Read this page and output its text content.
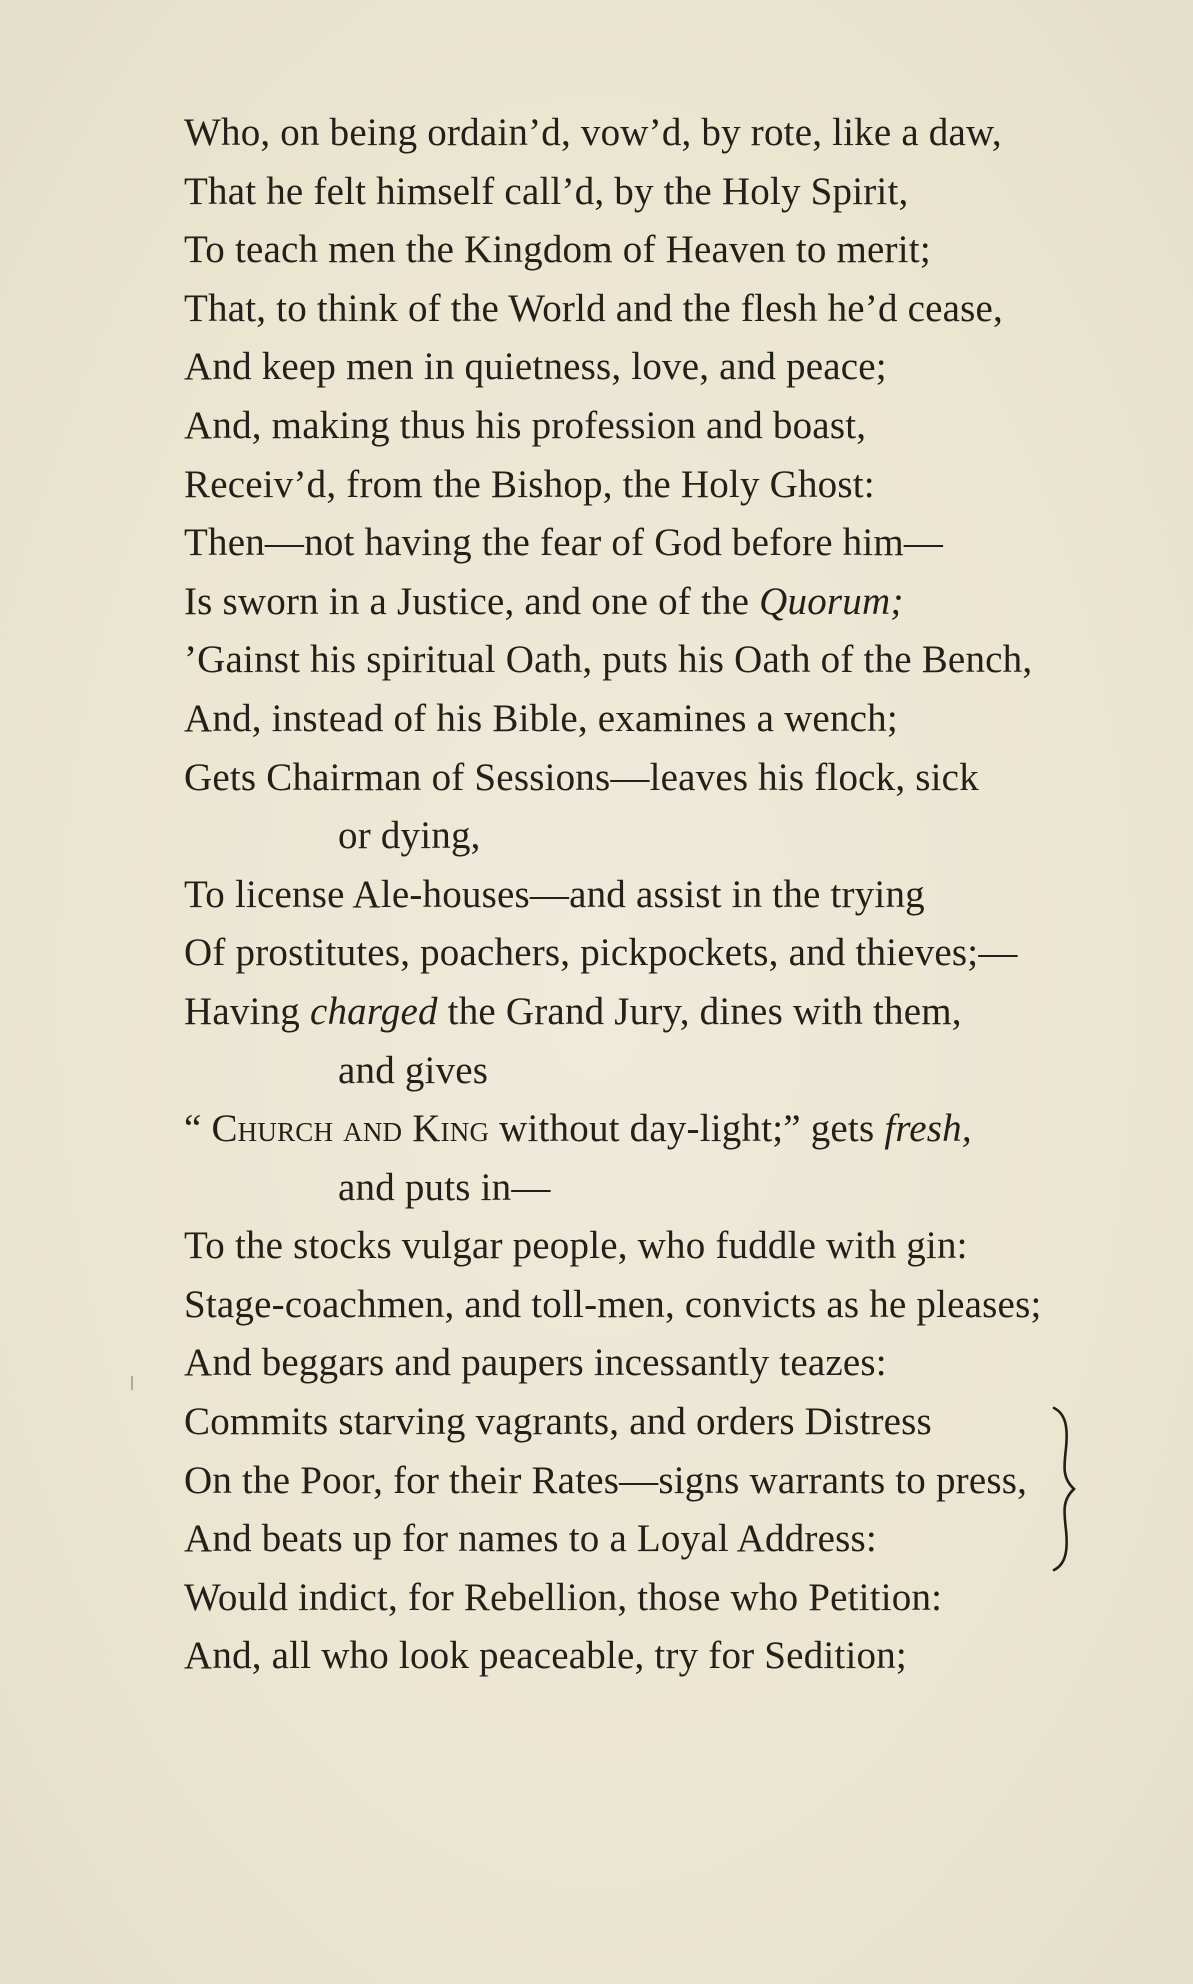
Who, on being ordain’d, vow’d, by rote, like a daw,
That he felt himself call’d, by the Holy Spirit,
To teach men the Kingdom of Heaven to merit;
That, to think of the World and the flesh he’d cease,
And keep men in quietness, love, and peace;
And, making thus his profession and boast,
Receiv’d, from the Bishop, the Holy Ghost:
Then—not having the fear of God before him—
Is sworn in a Justice, and one of the Quorum;
’Gainst his spiritual Oath, puts his Oath of the Bench,
And, instead of his Bible, examines a wench;
Gets Chairman of Sessions—leaves his flock, sick
or dying,
To license Ale-houses—and assist in the trying
Of prostitutes, poachers, pickpockets, and thieves;—
Having charged the Grand Jury, dines with them,
and gives
“ Church and King without day-light;” gets fresh,
and puts in—
To the stocks vulgar people, who fuddle with gin:
Stage-coachmen, and toll-men, convicts as he pleases;
And beggars and paupers incessantly teazes:
Commits starving vagrants, and orders Distress
On the Poor, for their Rates—signs warrants to press,
And beats up for names to a Loyal Address:
Would indict, for Rebellion, those who Petition:
And, all who look peaceable, try for Sedition;
